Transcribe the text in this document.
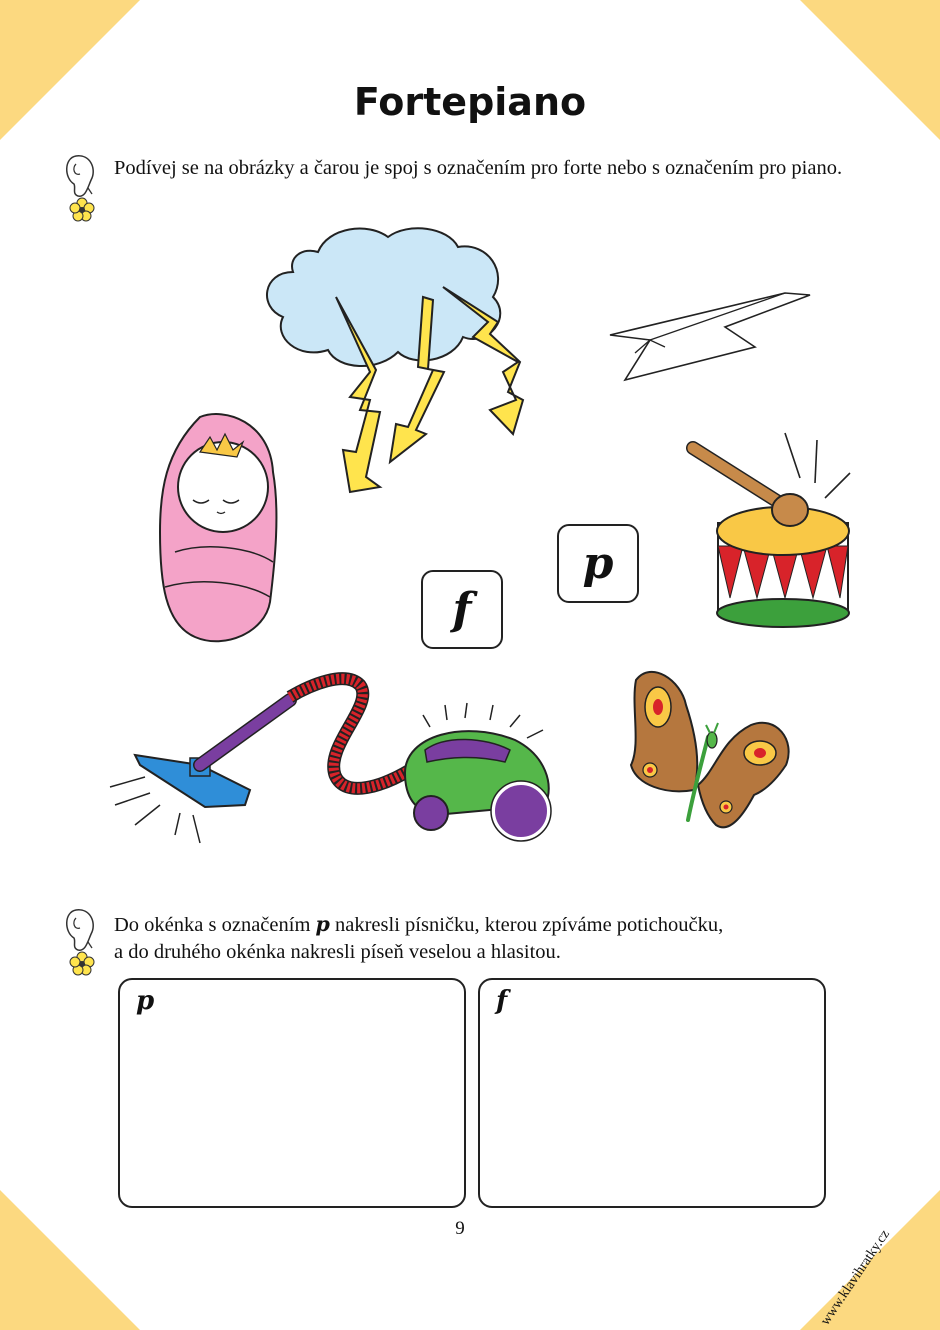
Fortepiano
Podívej se na obrázky a čarou je spoj s označením pro forte nebo s označením pro piano.
p
f
Do okénka s označením p nakresli písničku, kterou zpíváme potichoučku,
a do druhého okénka nakresli píseň veselou a hlasitou.
p	f
9	www.klavihratky.cz
